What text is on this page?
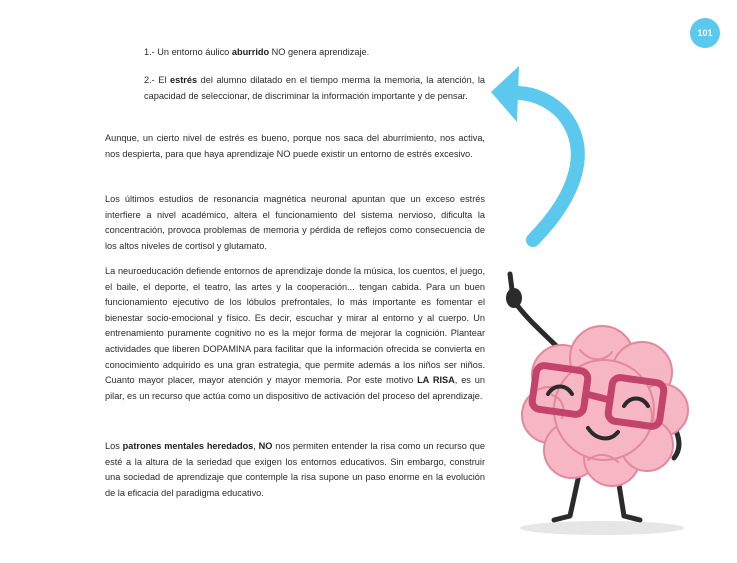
101
1.- Un entorno áulico aburrido NO genera aprendizaje.
2.- El estrés del alumno dilatado en el tiempo merma la memoria, la atención, la capacidad de seleccionar, de discriminar la información importante y de pensar.
Aunque, un cierto nivel de estrés es bueno, porque nos saca del aburrimiento, nos activa, nos despierta, para que haya aprendizaje NO puede existir un entorno de estrés excesivo.
Los últimos estudios de resonancia magnética neuronal apuntan que un exceso estrés interfiere a nivel académico, altera el funcionamiento del sistema nervioso, dificulta la concentración, provoca problemas de memoria y pérdida de reflejos como consecuencia de los altos niveles de cortisol y glutamato.
La neuroeducación defiende entornos de aprendizaje donde la música, los cuentos, el juego, el baile, el deporte, el teatro, las artes y la cooperación... tengan cabida. Para un buen funcionamiento ejecutivo de los lóbulos prefrontales, lo más importante es fomentar el bienestar socio-emocional y físico. Es decir, escuchar y mirar al entorno y al cuerpo. Un entrenamiento puramente cognitivo no es la mejor forma de mejorar la cognición. Plantear actividades que liberen DOPAMINA para facilitar que la información ofrecida se convierta en conocimiento adquirido es una gran estrategia, que permite además a los niños ser niños. Cuanto mayor placer, mayor atención y mayor memoria. Por este motivo LA RISA, es un pilar, es un recurso que actúa como un dispositivo de activación del proceso del aprendizaje.
Los patrones mentales heredados, NO nos permiten entender la risa como un recurso que esté a la altura de la seriedad que exigen los entornos educativos. Sin embargo, construir una sociedad de aprendizaje que contemple la risa supone un paso enorme en la evolución de la eficacia del paradigma educativo.
